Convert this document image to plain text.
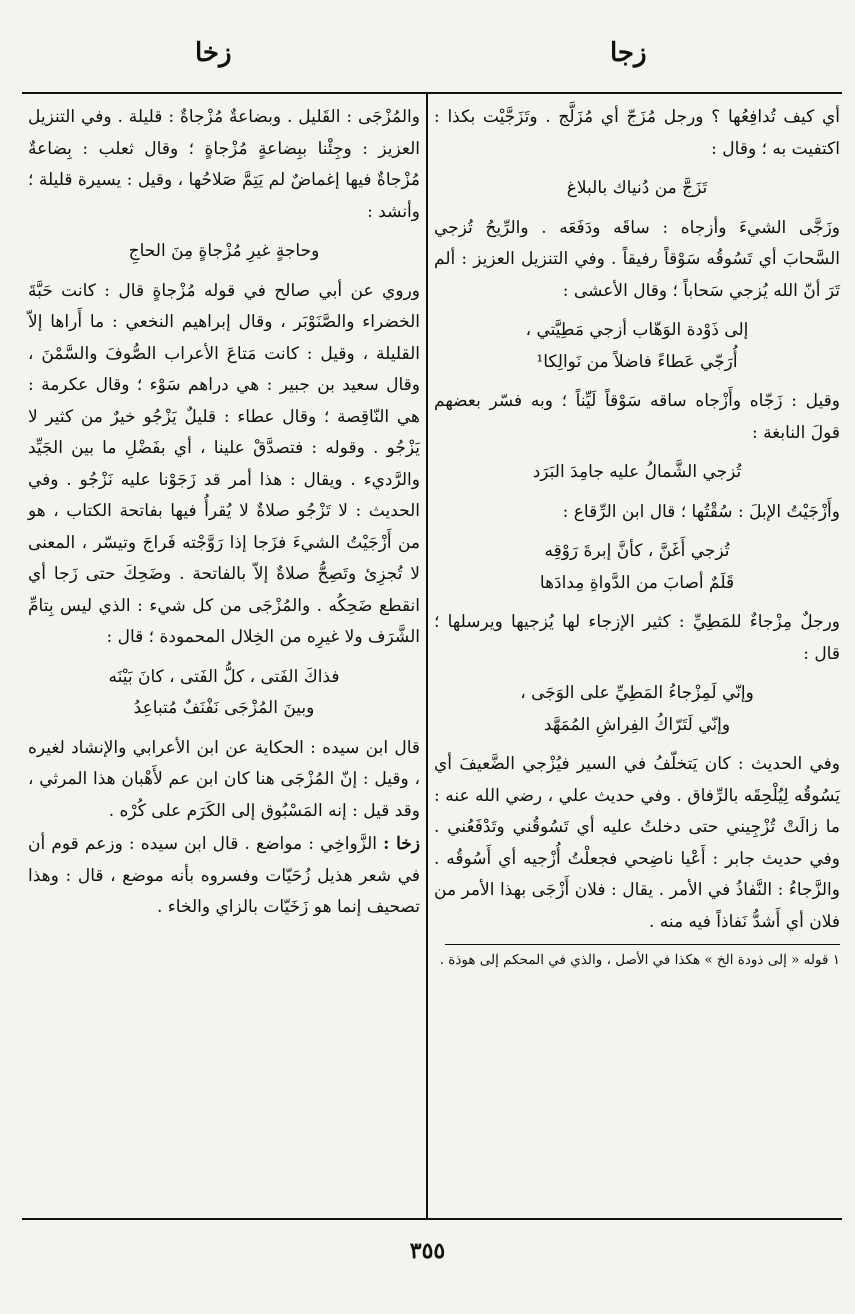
زجا
زخا

أي كيف تُدافِعُها ؟ ورجل مُزَجّ أي مُزَلَّج . وتَزَجَّيْت بكذا : اكتفيت به ؛ وقال :

تَزَجَّ من دُنياك بالبلاغ

وزَجَّى الشيءَ وأزجاه : ساقَه ودَفَعَه . والرِّيحُ تُزجي السَّحابَ أي تَسُوقُه سَوْقاً رفيقاً . وفي التنزيل العزيز : ألم تَرَ أنّ الله يُزجي سَحاباً ؛ وقال الأعشى :

إلى ذَوْدة الوَهّاب أزجي مَطِيَّتي ،

أُرَجّي عَطاءً فاضلاً من نَوالِكا¹

وقيل : زَجّاه وأَزْجاه ساقه سَوْقاً لَيِّناً ؛ وبه فسّر بعضهم قولَ النابغة :

تُزجي الشَّمالُ عليه جامِدَ البَرَد

وأَزْجَيْتُ الإبلَ : سُقْتُها ؛ قال ابن الرِّقاع :

تُزجي أَغَنَّ ، كأنَّ إبرةَ رَوْقِه

قَلَمٌ أصابَ من الدَّواةِ مِدادَها

ورجلٌ مِزْجاءٌ للمَطِيِّ : كثير الإزجاء لها يُزجيها ويرسلها ؛ قال :

وإنّي لَمِزْجاءُ المَطِيِّ على الوَجَى ،

وإنّي لَتَرّاكُ الفِراشِ المُمَهَّد

وفي الحديث : كان يَتخلّفُ في السير فيُزْجي الضَّعيفَ أي يَسُوقُه لِيُلْحِقَه بالرِّفاق . وفي حديث علي ، رضي الله عنه : ما زالَتْ تُزْجِيني حتى دخلتُ عليه أي تَسُوقُني وتَدْفَعُني . وفي حديث جابر : أَعْيا ناضِحي فجعلْتُ أُزْجيه أي أَسُوقُه . والزَّجاءُ : النَّفاذُ في الأمر . يقال : فلان أَزْجَى بهذا الأمر من فلان أي أَشدُّ نَفاذاً فيه منه .

١ قوله « إلى ذودة الخ » هكذا في الأصل ، والذي في المحكم إلى هوذة .

والمُزْجَى : القَليل . وبضاعةٌ مُزْجاةٌ : قليلة . وفي التنزيل العزيز : وجِئْنا ببِضاعةٍ مُزْجاةٍ ؛ وقال ثعلب : بِضاعةٌ مُزْجاةٌ فيها إغماضٌ لم يَتِمَّ صَلاحُها ، وقيل : يسيرة قليلة ؛ وأنشد :

وحاجةٍ غيرِ مُزْجاةٍ مِنَ الحاجِ

وروي عن أبي صالح في قوله مُزْجاةٍ قال : كانت حَبَّةَ الخضراء والصَّنَوْبَر ، وقال إبراهيم النخعي : ما أَراها إلاّ القليلة ، وقيل : كانت مَتاعَ الأعراب الصُّوفَ والسَّمْنَ ، وقال سعيد بن جبير : هي دراهم سَوْء ؛ وقال عكرمة : هي النّاقِصة ؛ وقال عطاء : قليلٌ يَزْجُو خيرٌ من كثير لا يَزْجُو . وقوله : فتصدَّقْ علينا ، أي بفَضْلِ ما بين الجَيِّد والرَّديء . ويقال : هذا أمر قد زَجَوْنا عليه نَزْجُو . وفي الحديث : لا تَزْجُو صلاةٌ لا يُقرأُ فيها بفاتحة الكتاب ، هو من أَزْجَيْتُ الشيءَ فزَجا إذا رَوَّجْته فَراجَ وتيسّر ، المعنى لا تُجزِئ وتَصِحُّ صلاةٌ إلاّ بالفاتحة . وضَحِكَ حتى زَجا أي انقطع ضَحِكُه . والمُزْجَى من كل شيء : الذي ليس بِتامِّ الشَّرَف ولا غيرِه من الخِلال المحمودة ؛ قال :

فذاكَ الفَتى ، كلُّ الفَتى ، كانَ بَيْنَه

وبينَ المُزْجَى نَفْنَفٌ مُتباعِدُ

قال ابن سيده : الحكاية عن ابن الأعرابي والإنشاد لغيره ، وقيل : إنّ المُزْجَى هنا كان ابن عم لأَهْبان هذا المرثي ، وقد قيل : إنه المَسْبُوق إلى الكَرَم على كُرْه .

زخا : الزَّواخِي : مواضع . قال ابن سيده : وزعم قوم أن في شعر هذيل زُحَيّات وفسروه بأنه موضع ، قال : وهذا تصحيف إنما هو زَخَيّات بالزاي والخاء .

٣٥٥
